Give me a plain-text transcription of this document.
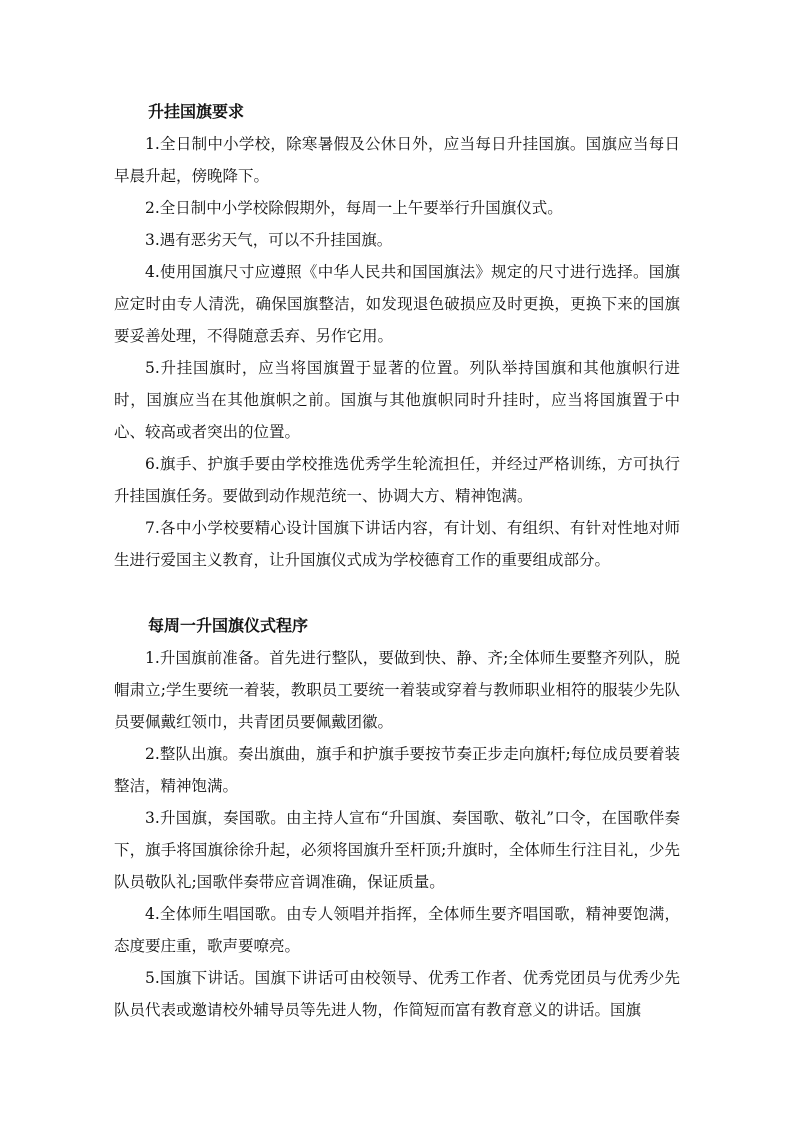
升挂国旗要求

1.全日制中小学校，除寒暑假及公休日外，应当每日升挂国旗。国旗应当每日早晨升起，傍晚降下。

2.全日制中小学校除假期外，每周一上午要举行升国旗仪式。

3.遇有恶劣天气，可以不升挂国旗。

4.使用国旗尺寸应遵照《中华人民共和国国旗法》规定的尺寸进行选择。国旗应定时由专人清洗，确保国旗整洁，如发现退色破损应及时更换，更换下来的国旗要妥善处理，不得随意丢弃、另作它用。

5.升挂国旗时，应当将国旗置于显著的位置。列队举持国旗和其他旗帜行进时，国旗应当在其他旗帜之前。国旗与其他旗帜同时升挂时，应当将国旗置于中心、较高或者突出的位置。

6.旗手、护旗手要由学校推选优秀学生轮流担任，并经过严格训练，方可执行升挂国旗任务。要做到动作规范统一、协调大方、精神饱满。

7.各中小学校要精心设计国旗下讲话内容，有计划、有组织、有针对性地对师生进行爱国主义教育，让升国旗仪式成为学校德育工作的重要组成部分。

每周一升国旗仪式程序

1.升国旗前准备。首先进行整队，要做到快、静、齐;全体师生要整齐列队，脱帽肃立;学生要统一着装，教职员工要统一着装或穿着与教师职业相符的服装少先队员要佩戴红领巾，共青团员要佩戴团徽。

2.整队出旗。奏出旗曲，旗手和护旗手要按节奏正步走向旗杆;每位成员要着装整洁，精神饱满。

3.升国旗，奏国歌。由主持人宣布“升国旗、奏国歌、敬礼”口令，在国歌伴奏下，旗手将国旗徐徐升起，必须将国旗升至杆顶;升旗时，全体师生行注目礼，少先队员敬队礼;国歌伴奏带应音调准确，保证质量。

4.全体师生唱国歌。由专人领唱并指挥，全体师生要齐唱国歌，精神要饱满，态度要庄重，歌声要嘹亮。

5.国旗下讲话。国旗下讲话可由校领导、优秀工作者、优秀党团员与优秀少先队员代表或邀请校外辅导员等先进人物，作简短而富有教育意义的讲话。国旗
